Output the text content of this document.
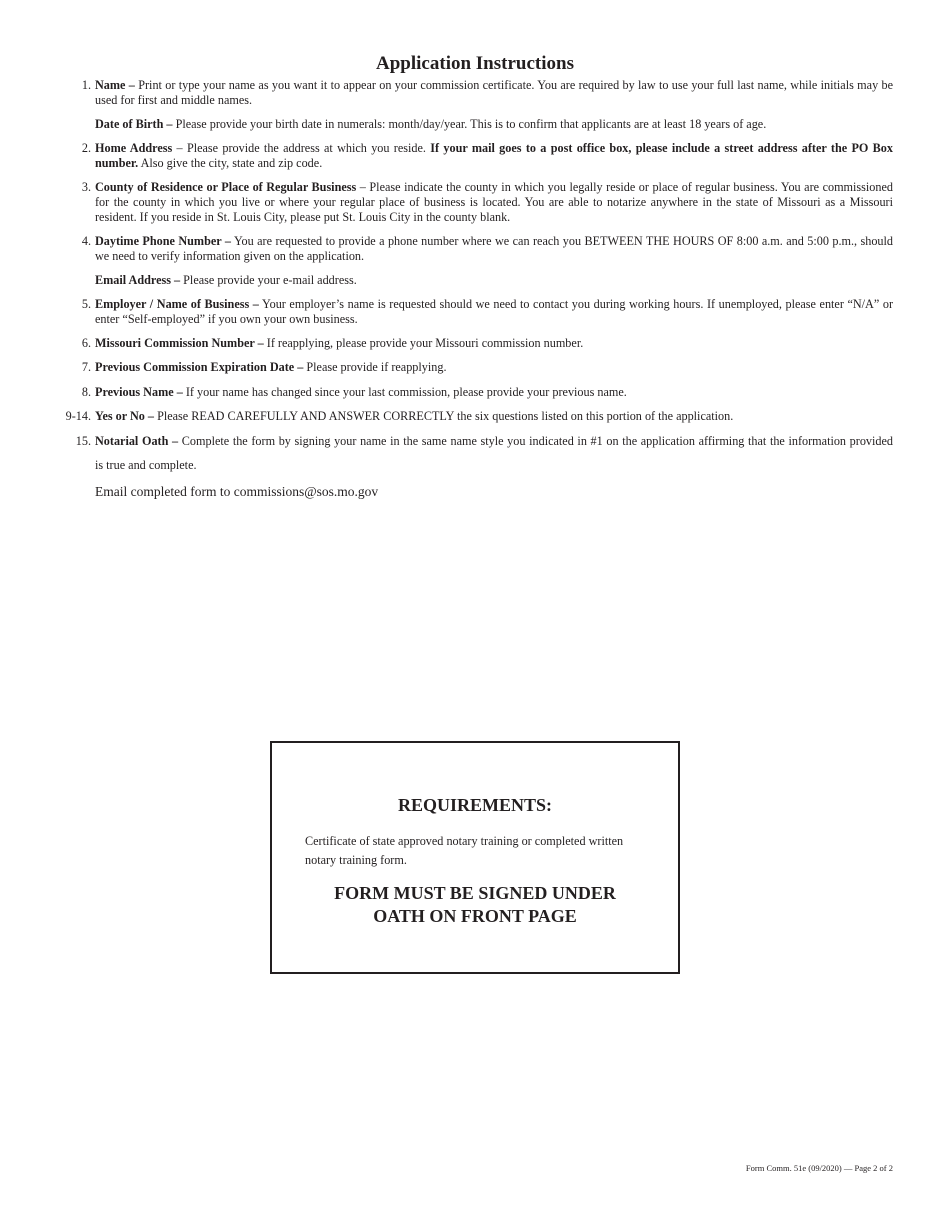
Application Instructions
1. Name – Print or type your name as you want it to appear on your commission certificate. You are required by law to use your full last name, while initials may be used for first and middle names.
Date of Birth – Please provide your birth date in numerals: month/day/year. This is to confirm that applicants are at least 18 years of age.
2. Home Address – Please provide the address at which you reside. If your mail goes to a post office box, please include a street address after the PO Box number. Also give the city, state and zip code.
3. County of Residence or Place of Regular Business – Please indicate the county in which you legally reside or place of regular business. You are commissioned for the county in which you live or where your regular place of business is located. You are able to notarize anywhere in the state of Missouri as a Missouri resident. If you reside in St. Louis City, please put St. Louis City in the county blank.
4. Daytime Phone Number – You are requested to provide a phone number where we can reach you BETWEEN THE HOURS OF 8:00 a.m. and 5:00 p.m., should we need to verify information given on the application.
Email Address – Please provide your e-mail address.
5. Employer / Name of Business – Your employer’s name is requested should we need to contact you during working hours. If unemployed, please enter “N/A” or enter “Self-employed” if you own your own business.
6. Missouri Commission Number – If reapplying, please provide your Missouri commission number.
7. Previous Commission Expiration Date – Please provide if reapplying.
8. Previous Name – If your name has changed since your last commission, please provide your previous name.
9-14. Yes or No – Please READ CAREFULLY AND ANSWER CORRECTLY the six questions listed on this portion of the application.
15. Notarial Oath – Complete the form by signing your name in the same name style you indicated in #1 on the application affirming that the information provided
is true and complete.
Email completed form to commissions@sos.mo.gov
REQUIREMENTS:
Certificate of state approved notary training or completed written notary training form.
FORM MUST BE SIGNED UNDER
OATH ON FRONT PAGE
Form Comm. 51e (09/2020) — Page 2 of 2
